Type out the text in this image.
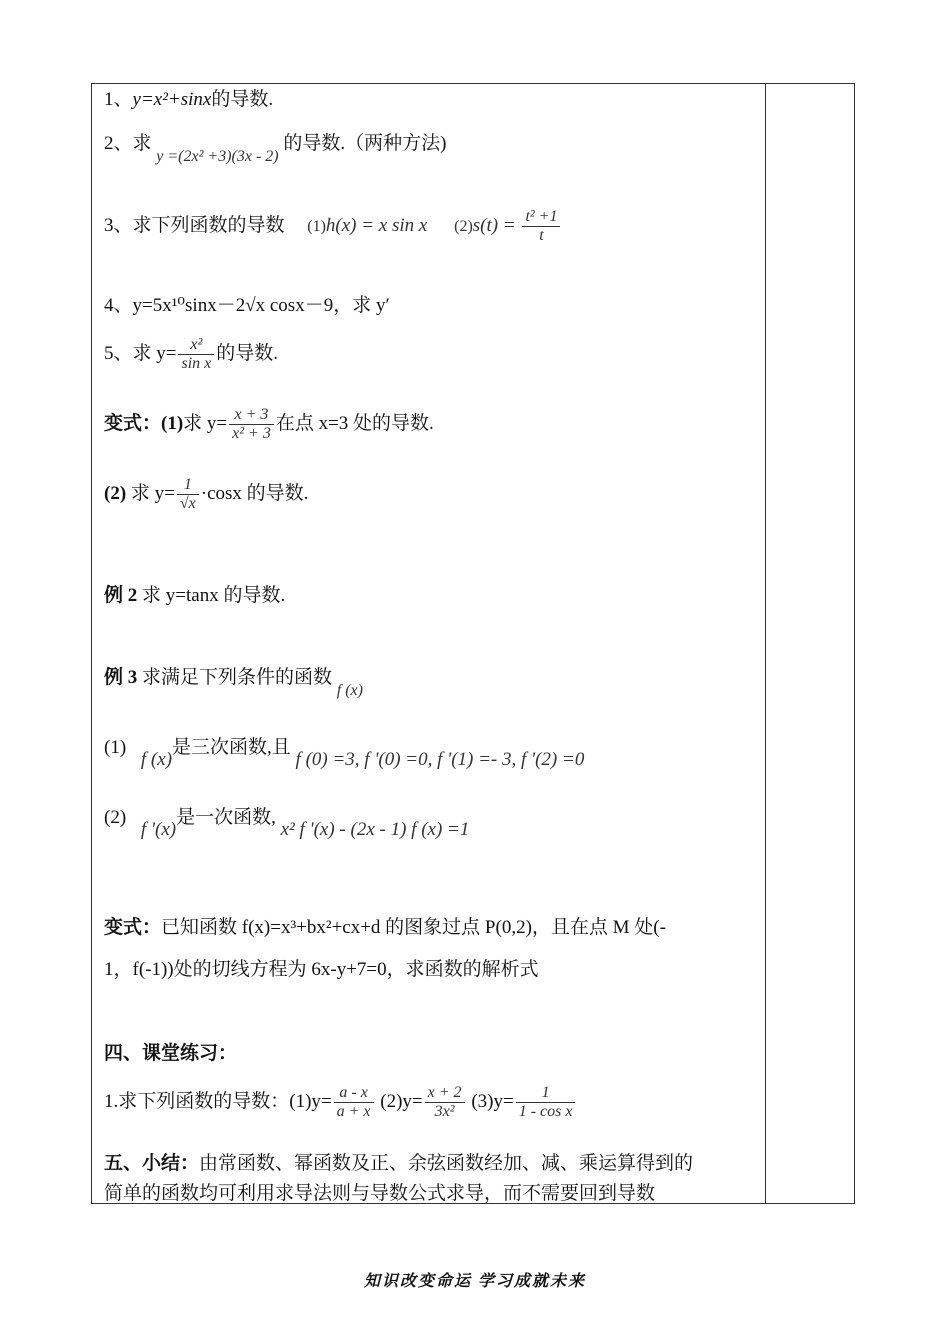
1、y=x²+sinx的导数.
2、求 $_{y =(2x^2 +3)(3x - 2)}$ 的导数.（两种方法)
3、求下列函数的导数 (1)h(x) = x sin x $(2)s(t) = \frac{\text{t² +1}}{t}$
4、y=5x¹⁰sinx－2√x cosx－9，求 y′
5、求 $y= \frac{\text{x²}}{\text{sin x}}$ 的导数.
变式：(1)求 $y= \frac{x + 3}{\text{x² + 3}}$ 在点 x=3 处的导数.
(2) 求 $y= \frac{1}{√x} \cdot\cos x$ 的导数.
例 2 求 y=tanx 的导数.
例 3 求满足下列条件的函数 $_{f (x)}$
(1) f (x)是三次函数,且 f (0) =3, f '(0) =0, f '(1) =- 3, f '(2) =0
(2) f '(x)是一次函数, x² f '(x) - (2x - 1) f (x) =1
变式：已知函数 f(x)=x³+bx²+cx+d 的图象过点 P(0,2)，且在点 M 处(-
1，f(-1))处的切线方程为 6x-y+7=0，求函数的解析式
四、课堂练习：
1.求下列函数的导数：$(1)y= \frac{a - x}{a + x} (2)y= \frac{x + 2}{\text{3x²}} (3)y= \frac{1}{\text{1 - cos x}}$
五、小结：由常函数、幂函数及正、余弦函数经加、减、乘运算得到的
简单的函数均可利用求导法则与导数公式求导，而不需要回到导数
知识改变命运 学习成就未来
